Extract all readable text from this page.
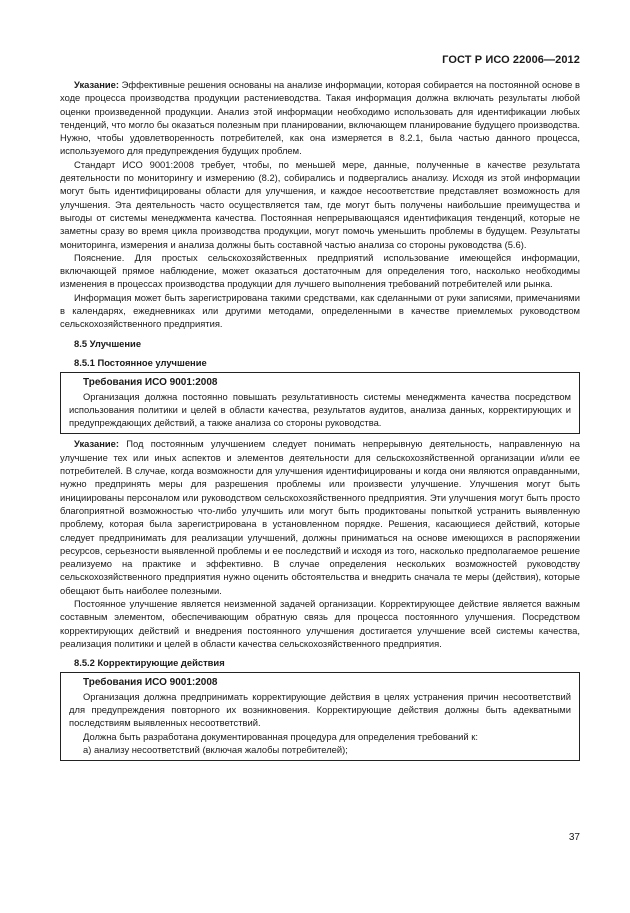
ГОСТ Р ИСО 22006—2012

Указание: Эффективные решения основаны на анализе информации, которая собирается на постоянной основе в ходе процесса производства продукции растениеводства. Такая информация должна включать результаты любой оценки произведенной продукции. Анализ этой информации необходимо использовать для идентификации любых тенденций, что могло бы оказаться полезным при планировании, включающем планирование будущего производства. Нужно, чтобы удовлетворенность потребителей, как она измеряется в 8.2.1, была частью данного процесса, используемого для предупреждения будущих проблем.

Стандарт ИСО 9001:2008 требует, чтобы, по меньшей мере, данные, полученные в качестве результата деятельности по мониторингу и измерению (8.2), собирались и подвергались анализу. Исходя из этой информации могут быть идентифицированы области для улучшения, и каждое несоответствие представляет возможность для улучшения. Эта деятельность часто осуществляется там, где могут быть получены наибольшие преимущества и выгоды от системы менеджмента качества. Постоянная непрерывающаяся идентификация тенденций, которые не заметны сразу во время цикла производства продукции, могут помочь уменьшить проблемы в будущем. Результаты мониторинга, измерения и анализа должны быть составной частью анализа со стороны руководства (5.6).

Пояснение. Для простых сельскохозяйственных предприятий использование имеющейся информации, включающей прямое наблюдение, может оказаться достаточным для определения того, насколько необходимы изменения в процессах производства продукции для лучшего выполнения требований потребителей или рынка.

Информация может быть зарегистрирована такими средствами, как сделанными от руки записями, примечаниями в календарях, ежедневниках или другими методами, определенными в качестве приемлемых руководством сельскохозяйственного предприятия.

8.5 Улучшение

8.5.1 Постоянное улучшение

Требования ИСО 9001:2008

Организация должна постоянно повышать результативность системы менеджмента качества посредством использования политики и целей в области качества, результатов аудитов, анализа данных, корректирующих и предупреждающих действий, а также анализа со стороны руководства.

Указание: Под постоянным улучшением следует понимать непрерывную деятельность, направленную на улучшение тех или иных аспектов и элементов деятельности для сельскохозяйственной организации и/или ее потребителей. В случае, когда возможности для улучшения идентифицированы и когда они являются оправданными, нужно предпринять меры для разрешения проблемы или произвести улучшение. Улучшения могут быть инициированы персоналом или руководством сельскохозяйственного предприятия. Эти улучшения могут быть просто благоприятной возможностью что-либо улучшить или могут быть продиктованы попыткой устранить выявленную проблему, которая была зарегистрирована в установленном порядке. Решения, касающиеся действий, которые следует предпринимать для реализации улучшений, должны приниматься на основе имеющихся в распоряжении ресурсов, серьезности выявленной проблемы и ее последствий и исходя из того, насколько предполагаемое решение реализуемо на практике и эффективно. В случае определения нескольких возможностей руководству сельскохозяйственного предприятия нужно оценить обстоятельства и внедрить сначала те меры (действия), которые обещают быть наиболее полезными.

Постоянное улучшение является неизменной задачей организации. Корректирующее действие является важным составным элементом, обеспечивающим обратную связь для процесса постоянного улучшения. Посредством корректирующих действий и внедрения постоянного улучшения достигается улучшение всей системы качества, реализация политики и целей в области качества сельскохозяйственного предприятия.

8.5.2 Корректирующие действия

Требования ИСО 9001:2008

Организация должна предпринимать корректирующие действия в целях устранения причин несоответствий для предупреждения повторного их возникновения. Корректирующие действия должны быть адекватными последствиям выявленных несоответствий.

Должна быть разработана документированная процедура для определения требований к:

а) анализу несоответствий (включая жалобы потребителей);

37
